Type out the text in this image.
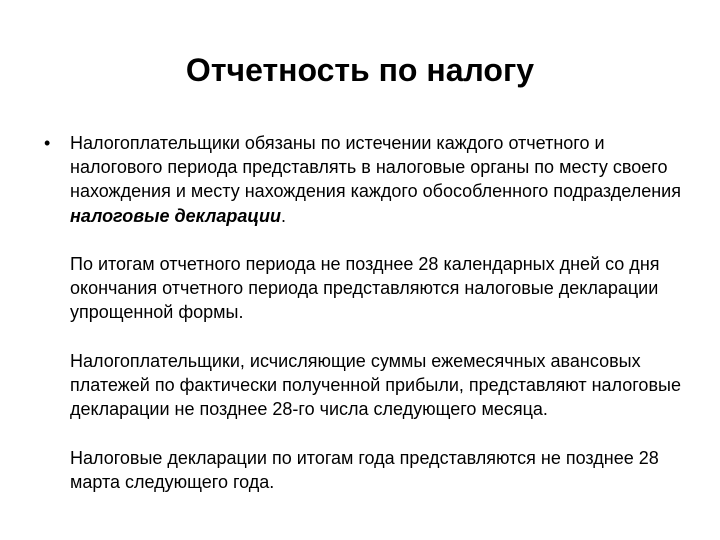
Отчетность по налогу
• Налогоплательщики обязаны по истечении каждого отчетного и налогового периода представлять в налоговые органы по месту своего нахождения и месту нахождения каждого обособленного подразделения налоговые декларации.

По итогам отчетного периода не позднее 28 календарных дней со дня окончания отчетного периода представляются налоговые декларации упрощенной формы.

Налогоплательщики, исчисляющие суммы ежемесячных авансовых платежей по фактически полученной прибыли, представляют налоговые декларации не позднее 28-го числа следующего месяца.

Налоговые декларации по итогам года представляются не позднее 28 марта следующего года.
